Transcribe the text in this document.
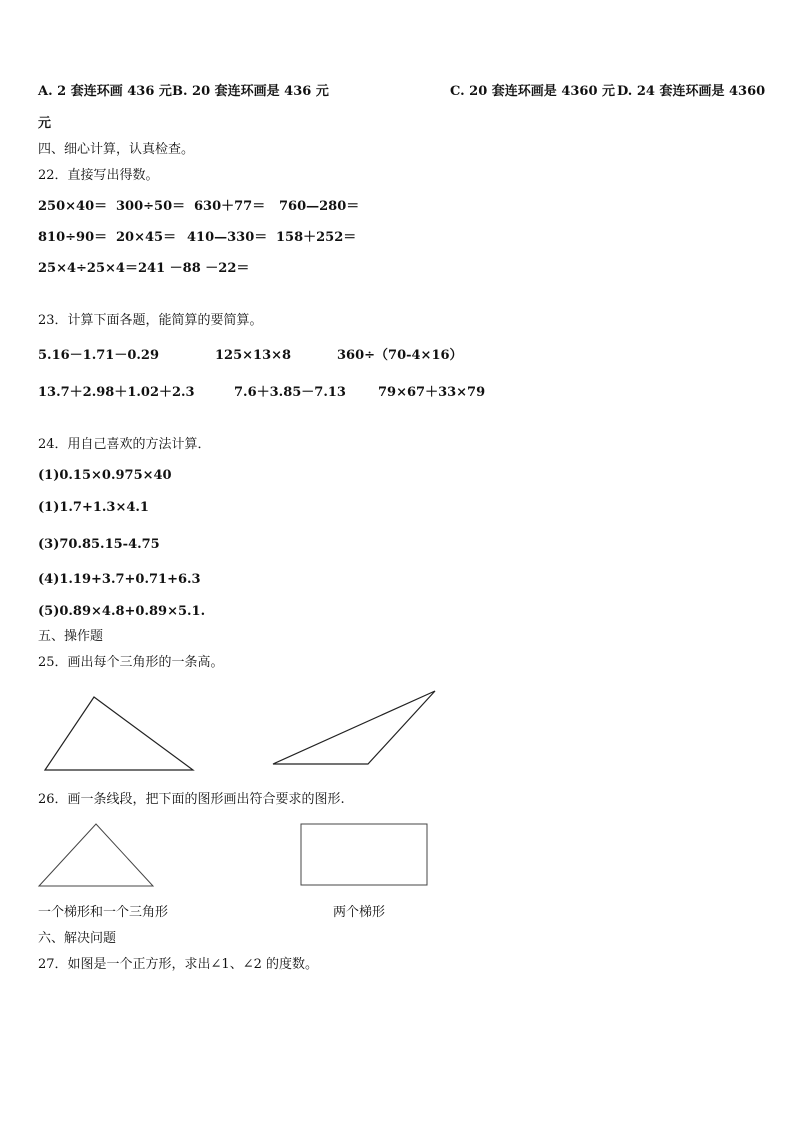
A. 2 套连环画 436 元 B. 20 套连环画是 436 元	C. 20 套连环画是 4360 元 D. 24 套连环画是 4360
元
四、细心计算，认真检查。
22．直接写出得数。
250×40＝ 300÷50＝ 630＋77＝ 760—280＝
810÷90＝ 20×45＝ 410—330＝ 158＋252＝
25×4÷25×4＝ 241 －88 －22＝
23．计算下面各题，能简算的要简算。
5.16－1.71－0.29	125×13×8	360÷（70-4×16）
13.7＋2.98＋1.02＋2.3	7.6＋3.85－7.13 79×67＋33×79
24．用自己喜欢的方法计算．
(1)0.15×0.975×40
(1)1.7+1.3×4.1
(3)70.85.15-4.75
(4)1.19+3.7+0.71+6.3
(5)0.89×4.8+0.89×5.1.
五、操作题
25．画出每个三角形的一条高。
26．画一条线段，把下面的图形画出符合要求的图形.
一个梯形和一个三角形	两个梯形
六、解决问题
27．如图是一个正方形，求出∠1、∠2 的度数。
